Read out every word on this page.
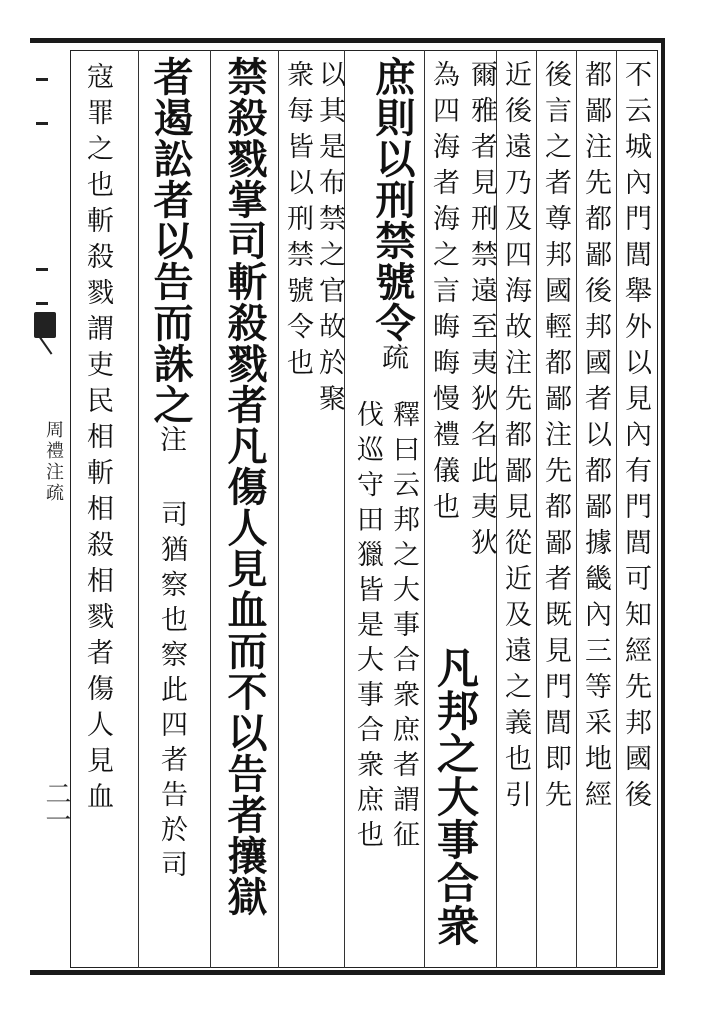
周禮注疏
二一	不云城內門閭舉外以見內有門閭可知經先邦國後
都鄙注先都鄙後邦國者以都鄙據畿內三等采地經
後言之者尊邦國輕都鄙注先都鄙者既見門閭即先
近後遠乃及四海故注先都鄙見從近及遠之義也引
爾雅者見刑禁遠至夷狄名此夷狄
為四海者海之言晦晦慢禮儀也
凡邦之大事合衆
庶則以刑禁號令疏
釋曰云邦之大事合衆庶者謂征
伐巡守田獵皆是大事合衆庶也
以其是布禁之官故於聚
衆每皆以刑禁號令也
禁殺戮掌司斬殺戮者凡傷人見血而不以告者攘獄
者遏訟者以告而誅之注
司猶察也察此四者告於司
寇罪之也斬殺戮謂吏民相斬相殺相戮者傷人見血
